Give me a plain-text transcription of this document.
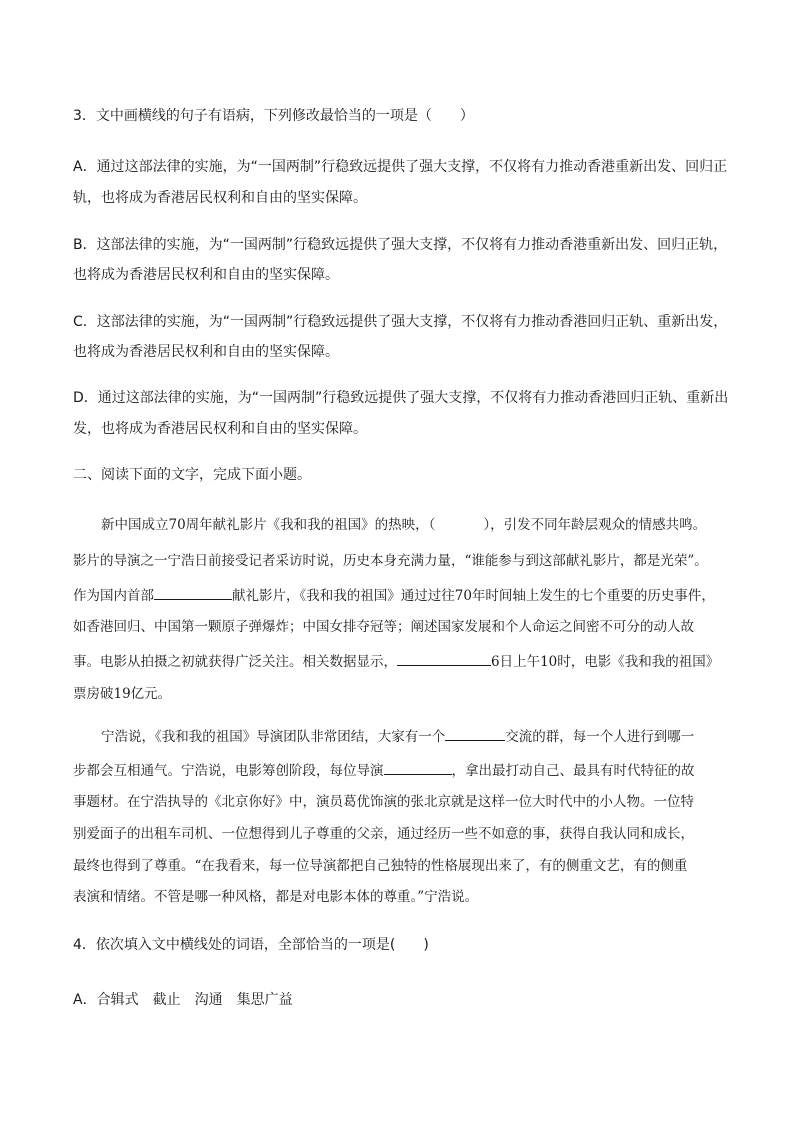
3．文中画横线的句子有语病，下列修改最恰当的一项是（　　）
A．通过这部法律的实施，为“一国两制”行稳致远提供了强大支撑，不仅将有力推动香港重新出发、回归正
轨，也将成为香港居民权利和自由的坚实保障。
B．这部法律的实施，为“一国两制”行稳致远提供了强大支撑，不仅将有力推动香港重新出发、回归正轨，
也将成为香港居民权利和自由的坚实保障。
C．这部法律的实施，为“一国两制”行稳致远提供了强大支撑，不仅将有力推动香港回归正轨、重新出发，
也将成为香港居民权利和自由的坚实保障。
D．通过这部法律的实施，为“一国两制”行稳致远提供了强大支撑，不仅将有力推动香港回归正轨、重新出
发，也将成为香港居民权利和自由的坚实保障。
二、阅读下面的文字，完成下面小题。
新中国成立70周年献礼影片《我和我的祖国》的热映，（	），引发不同年龄层观众的情感共鸣。
影片的导演之一宁浩日前接受记者采访时说，历史本身充满力量，“谁能参与到这部献礼影片，都是光荣”。
作为国内首部	献礼影片，《我和我的祖国》通过过往70年时间轴上发生的七个重要的历史事件，
如香港回归、中国第一颗原子弹爆炸；中国女排夺冠等；阐述国家发展和个人命运之间密不可分的动人故
事。电影从拍摄之初就获得广泛关注。相关数据显示，	6日上午10时，电影《我和我的祖国》
票房破19亿元。
宁浩说，《我和我的祖国》导演团队非常团结，大家有一个	交流的群，每一个人进行到哪一
步都会互相通气。宁浩说，电影筹创阶段，每位导演	，拿出最打动自己、最具有时代特征的故
事题材。在宁浩执导的《北京你好》中，演员葛优饰演的张北京就是这样一位大时代中的小人物。一位特
别爱面子的出租车司机、一位想得到儿子尊重的父亲，通过经历一些不如意的事，获得自我认同和成长，
最终也得到了尊重。“在我看来，每一位导演都把自己独特的性格展现出来了，有的侧重文艺，有的侧重
表演和情绪。不管是哪一种风格，都是对电影本体的尊重。”宁浩说。
4．依次填入文中横线处的词语，全部恰当的一项是(　　)
A．合辑式　截止　沟通　集思广益
